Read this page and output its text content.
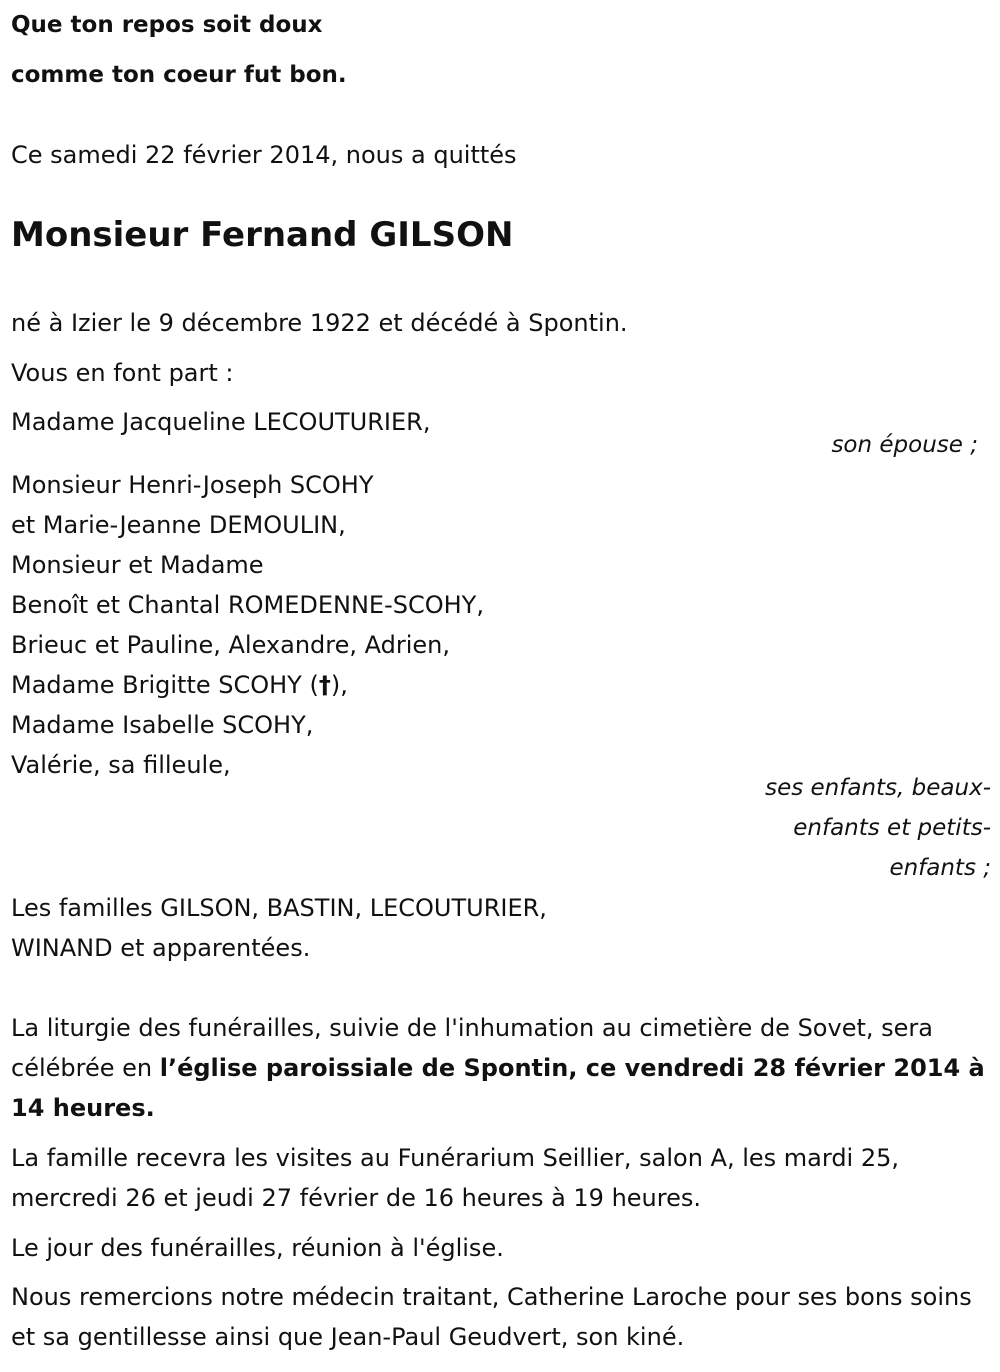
Que ton repos soit doux
comme ton coeur fut bon.
Ce samedi 22 février 2014, nous a quittés
Monsieur Fernand GILSON
né à Izier le 9 décembre 1922 et décédé à Spontin.
Vous en font part :
Madame Jacqueline LECOUTURIER,
son épouse ;
Monsieur Henri-Joseph SCOHY
et Marie-Jeanne DEMOULIN,
Monsieur et Madame
Benoît et Chantal ROMEDENNE-SCOHY,
Brieuc et Pauline, Alexandre, Adrien,
Madame Brigitte SCOHY (†),
Madame Isabelle SCOHY,
Valérie, sa filleule,
ses enfants, beaux-
enfants et petits-
enfants ;
Les familles GILSON, BASTIN, LECOUTURIER,
WINAND et apparentées.
La liturgie des funérailles, suivie de l'inhumation au cimetière de Sovet, sera célébrée en l’église paroissiale de Spontin, ce vendredi 28 février 2014 à 14 heures.
La famille recevra les visites au Funérarium Seillier, salon A, les mardi 25, mercredi 26 et jeudi 27 février de 16 heures à 19 heures.
Le jour des funérailles, réunion à l'église.
Nous remercions notre médecin traitant, Catherine Laroche pour ses bons soins et sa gentillesse ainsi que Jean-Paul Geudvert, son kiné.
